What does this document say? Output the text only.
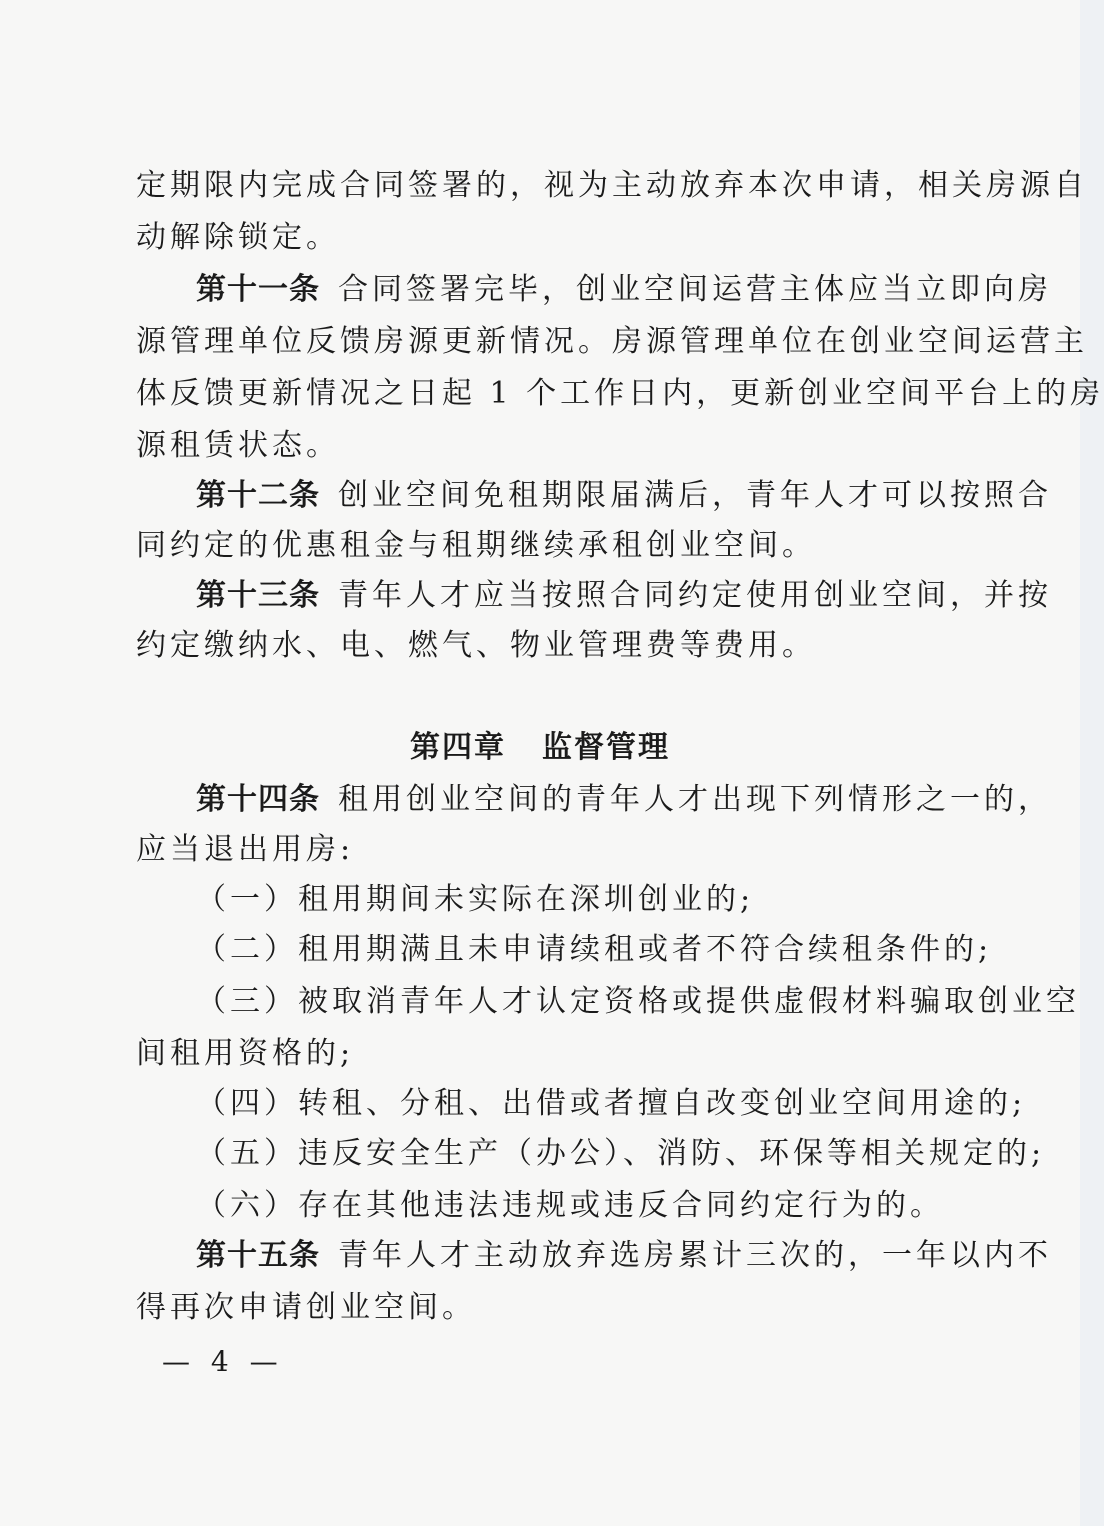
定期限内完成合同签署的，视为主动放弃本次申请，相关房源自
动解除锁定。
第十一条 合同签署完毕，创业空间运营主体应当立即向房
源管理单位反馈房源更新情况。房源管理单位在创业空间运营主
体反馈更新情况之日起 1 个工作日内，更新创业空间平台上的房
源租赁状态。
第十二条 创业空间免租期限届满后，青年人才可以按照合
同约定的优惠租金与租期继续承租创业空间。
第十三条 青年人才应当按照合同约定使用创业空间，并按
约定缴纳水、电、燃气、物业管理费等费用。
第四章 监督管理
第十四条 租用创业空间的青年人才出现下列情形之一的，
应当退出用房:
（一）租用期间未实际在深圳创业的;
（二）租用期满且未申请续租或者不符合续租条件的;
（三）被取消青年人才认定资格或提供虚假材料骗取创业空
间租用资格的;
（四）转租、分租、出借或者擅自改变创业空间用途的;
（五）违反安全生产（办公）、消防、环保等相关规定的;
（六）存在其他违法违规或违反合同约定行为的。
第十五条 青年人才主动放弃选房累计三次的，一年以内不
得再次申请创业空间。
— 4 —
